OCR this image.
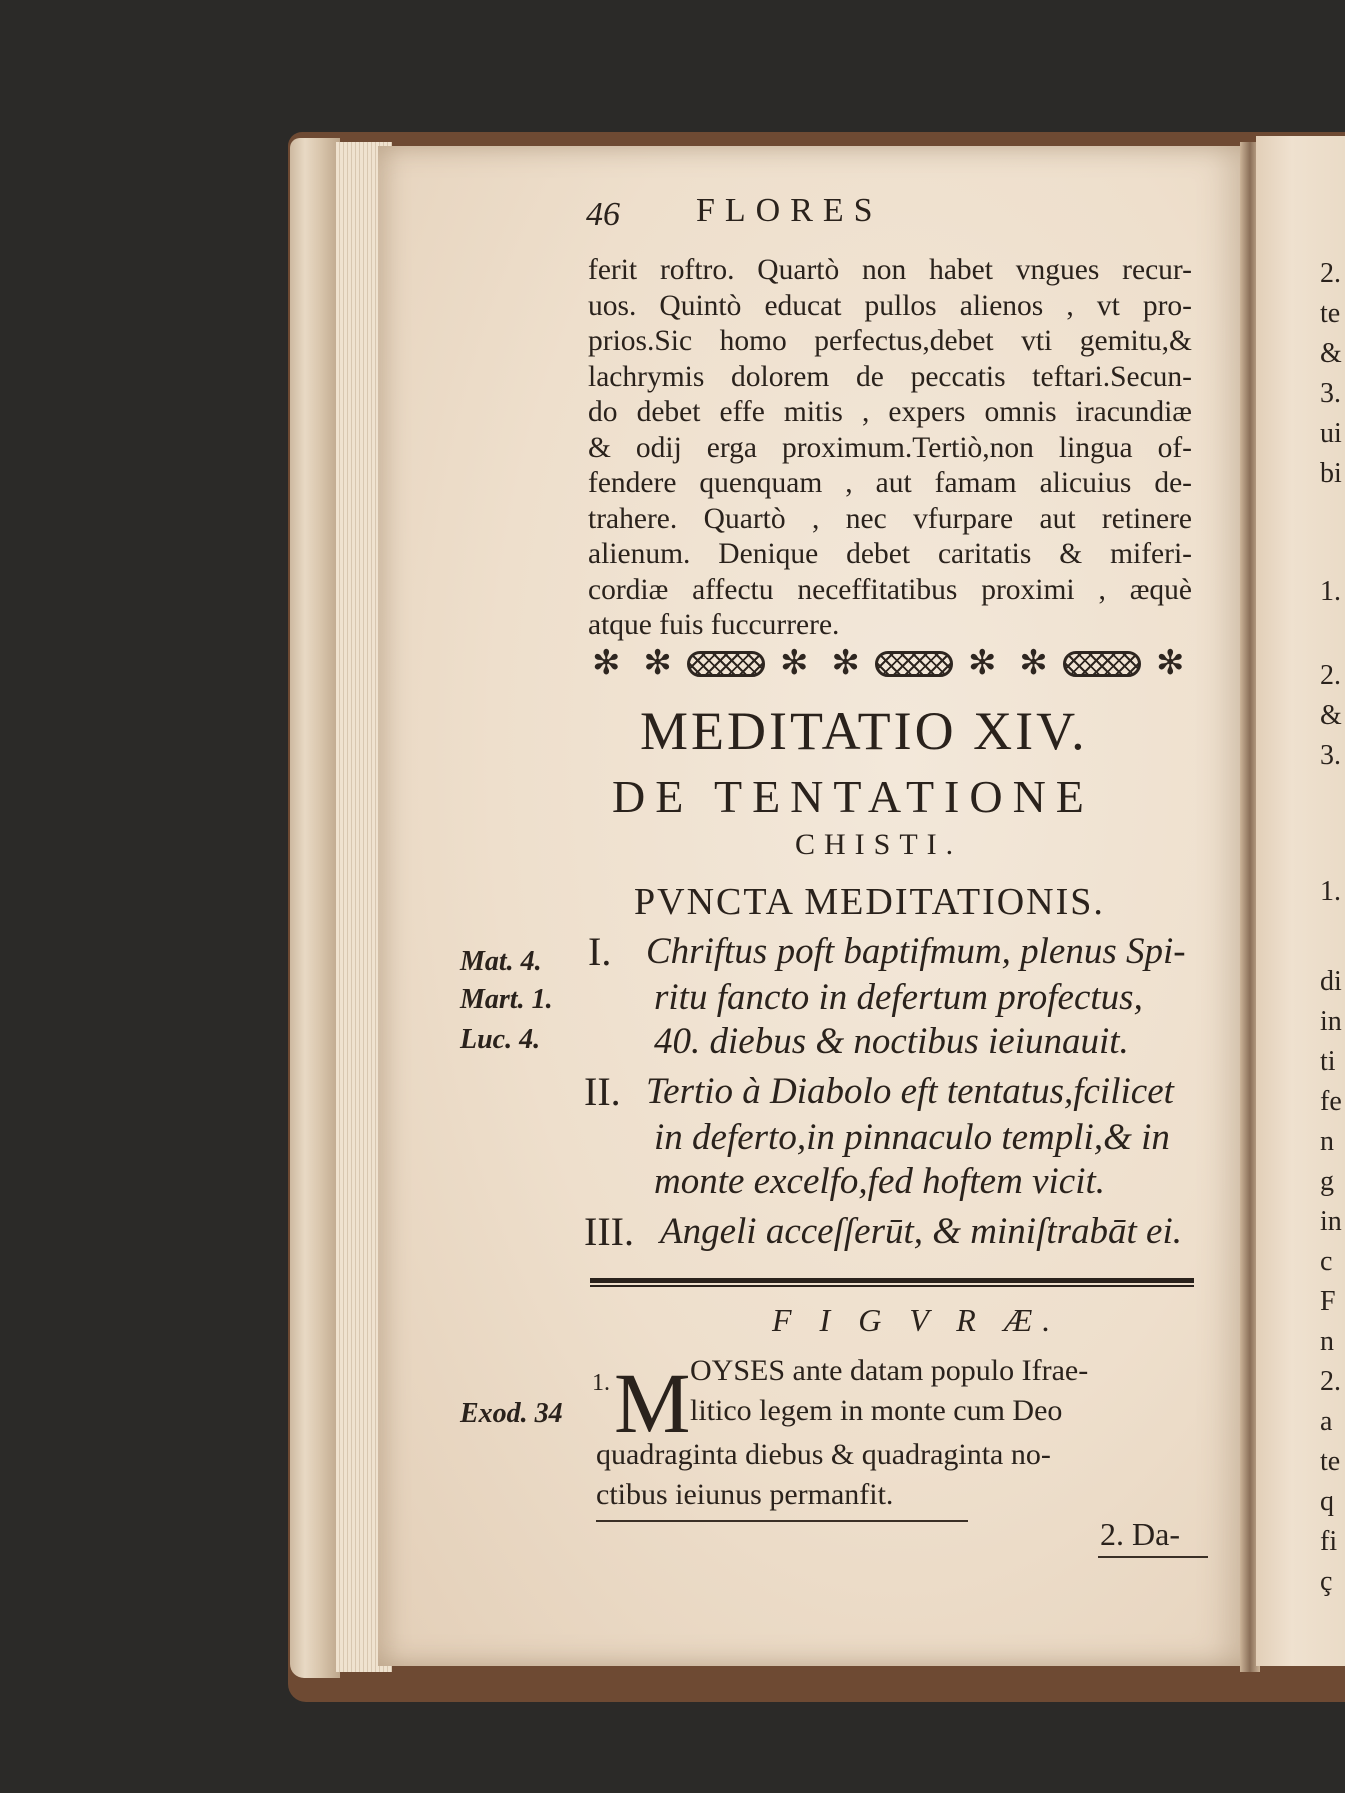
2.
te
&
3.
ui
bi
1.
2.
&
3.
1.
di
in
ti
fe
n
g
in
c
F
n
2.
a
te
q
fi
ç
46 FLORES
ferit roftro. Quartò non habet vngues recur-
uos. Quintò educat pullos alienos , vt pro-
prios.Sic homo perfectus,debet vti gemitu,&
lachrymis dolorem de peccatis teftari.Secun-
do debet effe mitis , expers omnis iracundiæ
& odij erga proximum.Tertiò,non lingua of-
fendere quenquam , aut famam alicuius de-
trahere. Quartò , nec vfurpare aut retinere
alienum. Denique debet caritatis & miferi-
cordiæ affectu neceffitatibus proximi , æquè
atque fuis fuccurrere.
✻
✻
✻
✻
✻
✻
✻
MEDITATIO XIV.
DE TENTATIONE
CHISTI.
PVNCTA MEDITATIONIS.
I. Chriftus poft baptifmum, plenus Spi-
ritu fancto in defertum profectus,
40. diebus & noctibus ieiunauit.
II. Tertio à Diabolo eft tentatus,fcilicet
in deferto,in pinnaculo templi,& in
monte excelfo,fed hoftem vicit.
III. Angeli acceſſerūt, & miniſtrabāt ei.
Mat. 4.
Mart. 1.
Luc. 4.
Exod. 34
F I G V R Æ.
1. M OYSES ante datam populo Ifrae-
litico legem in monte cum Deo
quadraginta diebus & quadraginta no-
ctibus ieiunus permanfit.
2. Da-
